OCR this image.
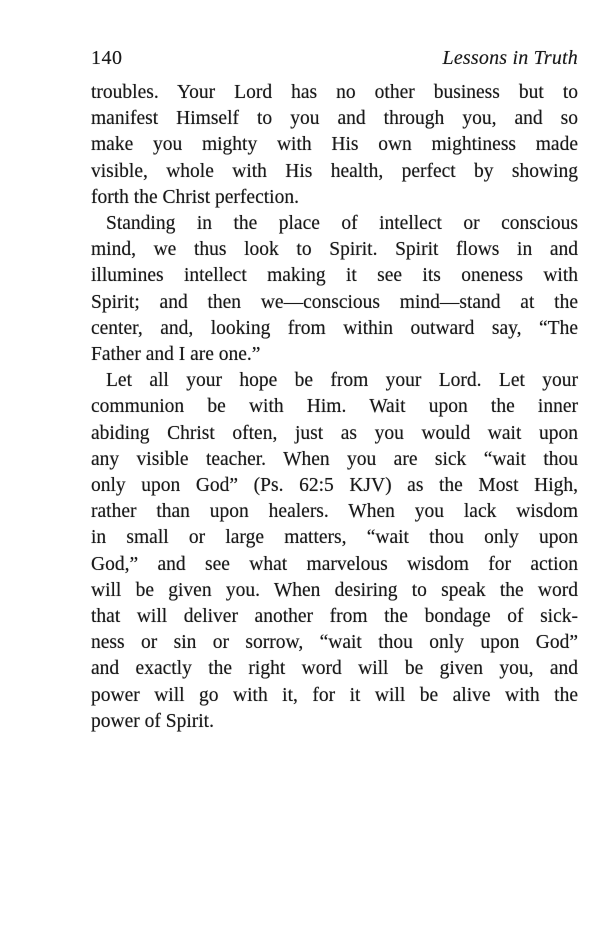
140	Lessons in Truth
troubles. Your Lord has no other business but to
manifest Himself to you and through you, and so
make you mighty with His own mightiness made
visible, whole with His health, perfect by showing
forth the Christ perfection.
Standing in the place of intellect or conscious
mind, we thus look to Spirit. Spirit flows in and
illumines intellect making it see its oneness with
Spirit; and then we—conscious mind—stand at the
center, and, looking from within outward say, “The
Father and I are one.”
Let all your hope be from your Lord. Let your
communion be with Him. Wait upon the inner
abiding Christ often, just as you would wait upon
any visible teacher. When you are sick “wait thou
only upon God” (Ps. 62:5 KJV) as the Most High,
rather than upon healers. When you lack wisdom
in small or large matters, “wait thou only upon
God,” and see what marvelous wisdom for action
will be given you. When desiring to speak the word
that will deliver another from the bondage of sick-
ness or sin or sorrow, “wait thou only upon God”
and exactly the right word will be given you, and
power will go with it, for it will be alive with the
power of Spirit.
